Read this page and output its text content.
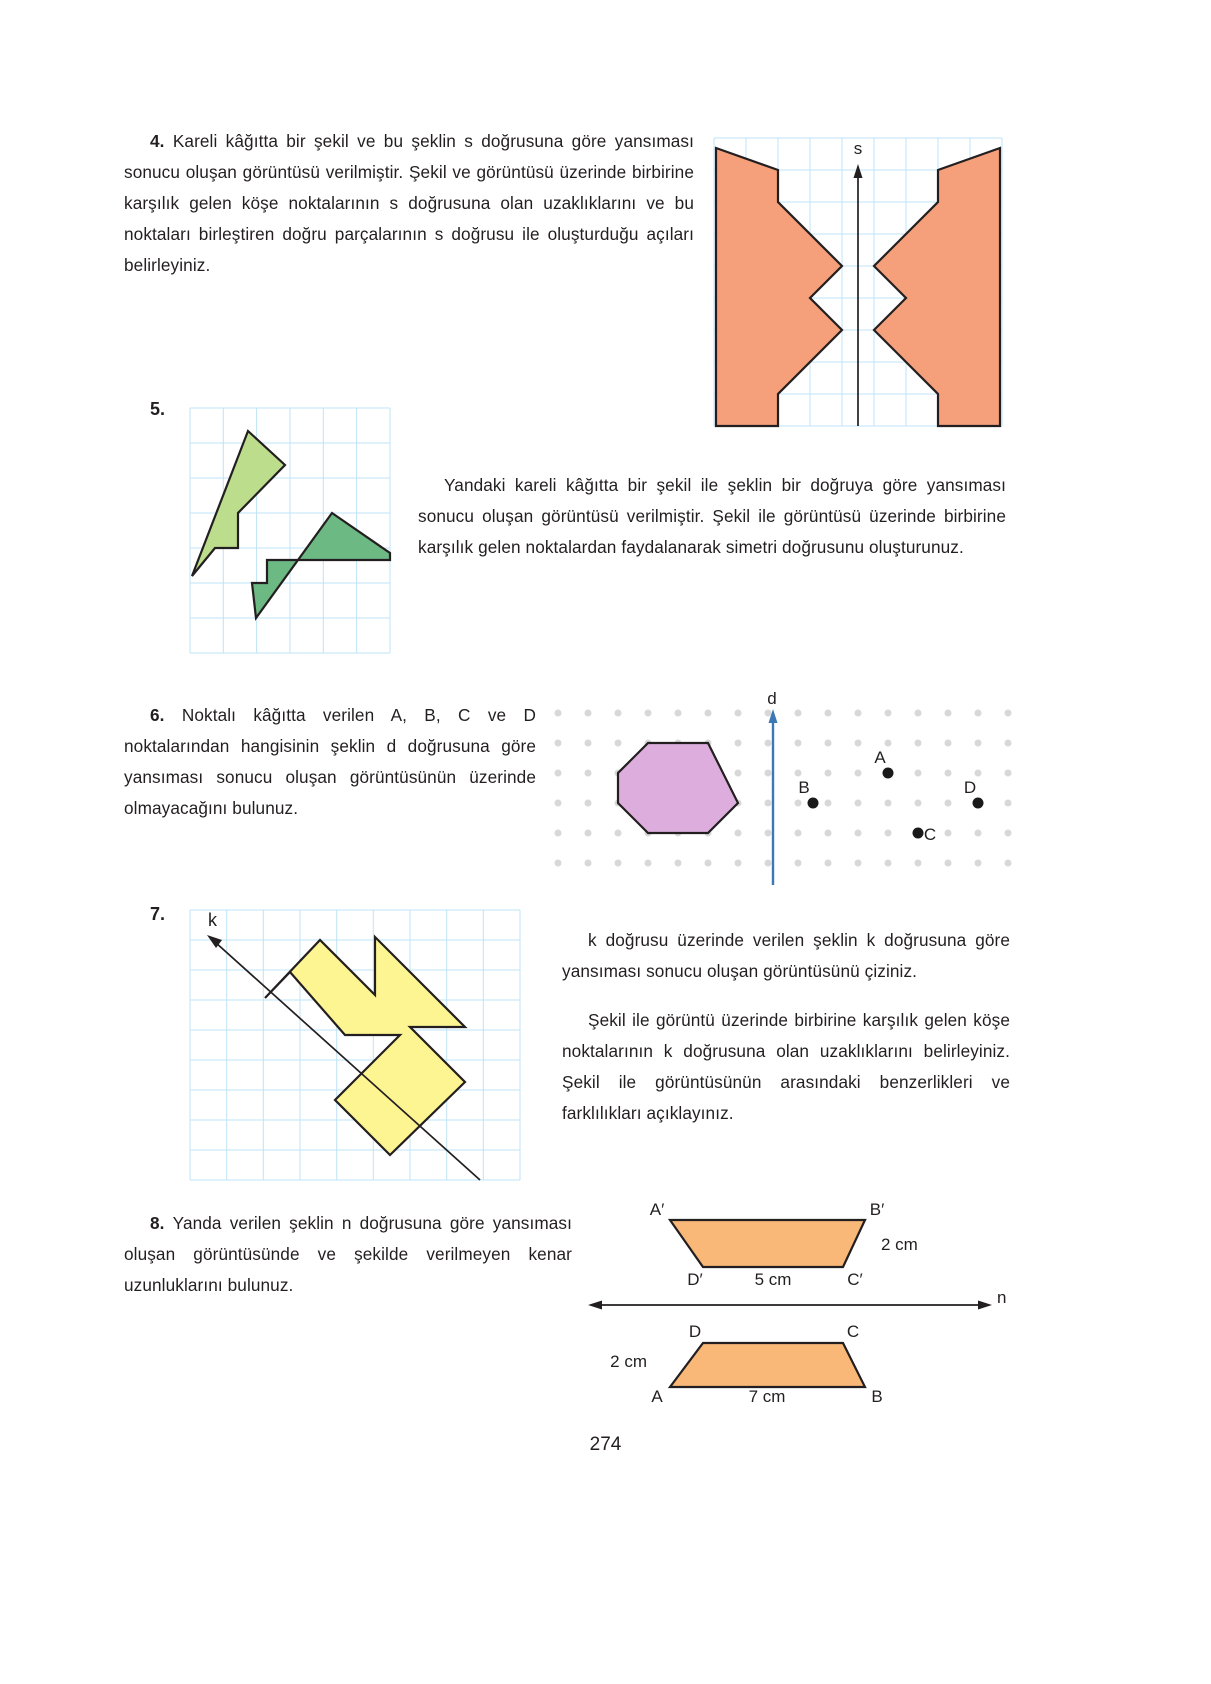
4. Kareli kâğıtta bir şekil ve bu şeklin s doğrusuna göre yansıması sonucu oluşan görüntüsü verilmiştir. Şekil ve görüntüsü üzerinde birbirine karşılık gelen köşe noktalarının s doğrusuna olan uzaklıklarını ve bu noktaları birleştiren doğru parçalarının s doğrusu ile oluşturduğu açıları belirleyiniz.

s
5.

Yandaki kareli kâğıtta bir şekil ile şeklin bir doğruya göre yansıması sonucu oluşan görüntüsü verilmiştir. Şekil ile görüntüsü üzerinde birbirine karşılık gelen noktalardan faydalanarak simetri doğrusunu oluşturunuz.

6. Noktalı kâğıtta verilen A, B, C ve D noktalarından hangisinin şeklin d doğrusuna göre yansıması sonucu oluşan görüntüsünün üzerinde olmayacağını bulunuz.

d
A
B
C
D
7. k

k doğrusu üzerinde verilen şeklin k doğrusuna göre yansıması sonucu oluşan görüntüsünü çiziniz.

Şekil ile görüntü üzerinde birbirine karşılık gelen köşe noktalarının k doğrusuna olan uzaklıklarını belirleyiniz. Şekil ile görüntüsünün arasındaki benzerlikleri ve farklılıkları açıklayınız.

8. Yanda verilen şeklin n doğrusuna göre yansıması oluşan görüntüsünde ve şekilde verilmeyen kenar uzunluklarını bulunuz.

A′	B′
C′
D′	5 cm
2 cm
n
D	C
A	B
2 cm
7 cm
274
